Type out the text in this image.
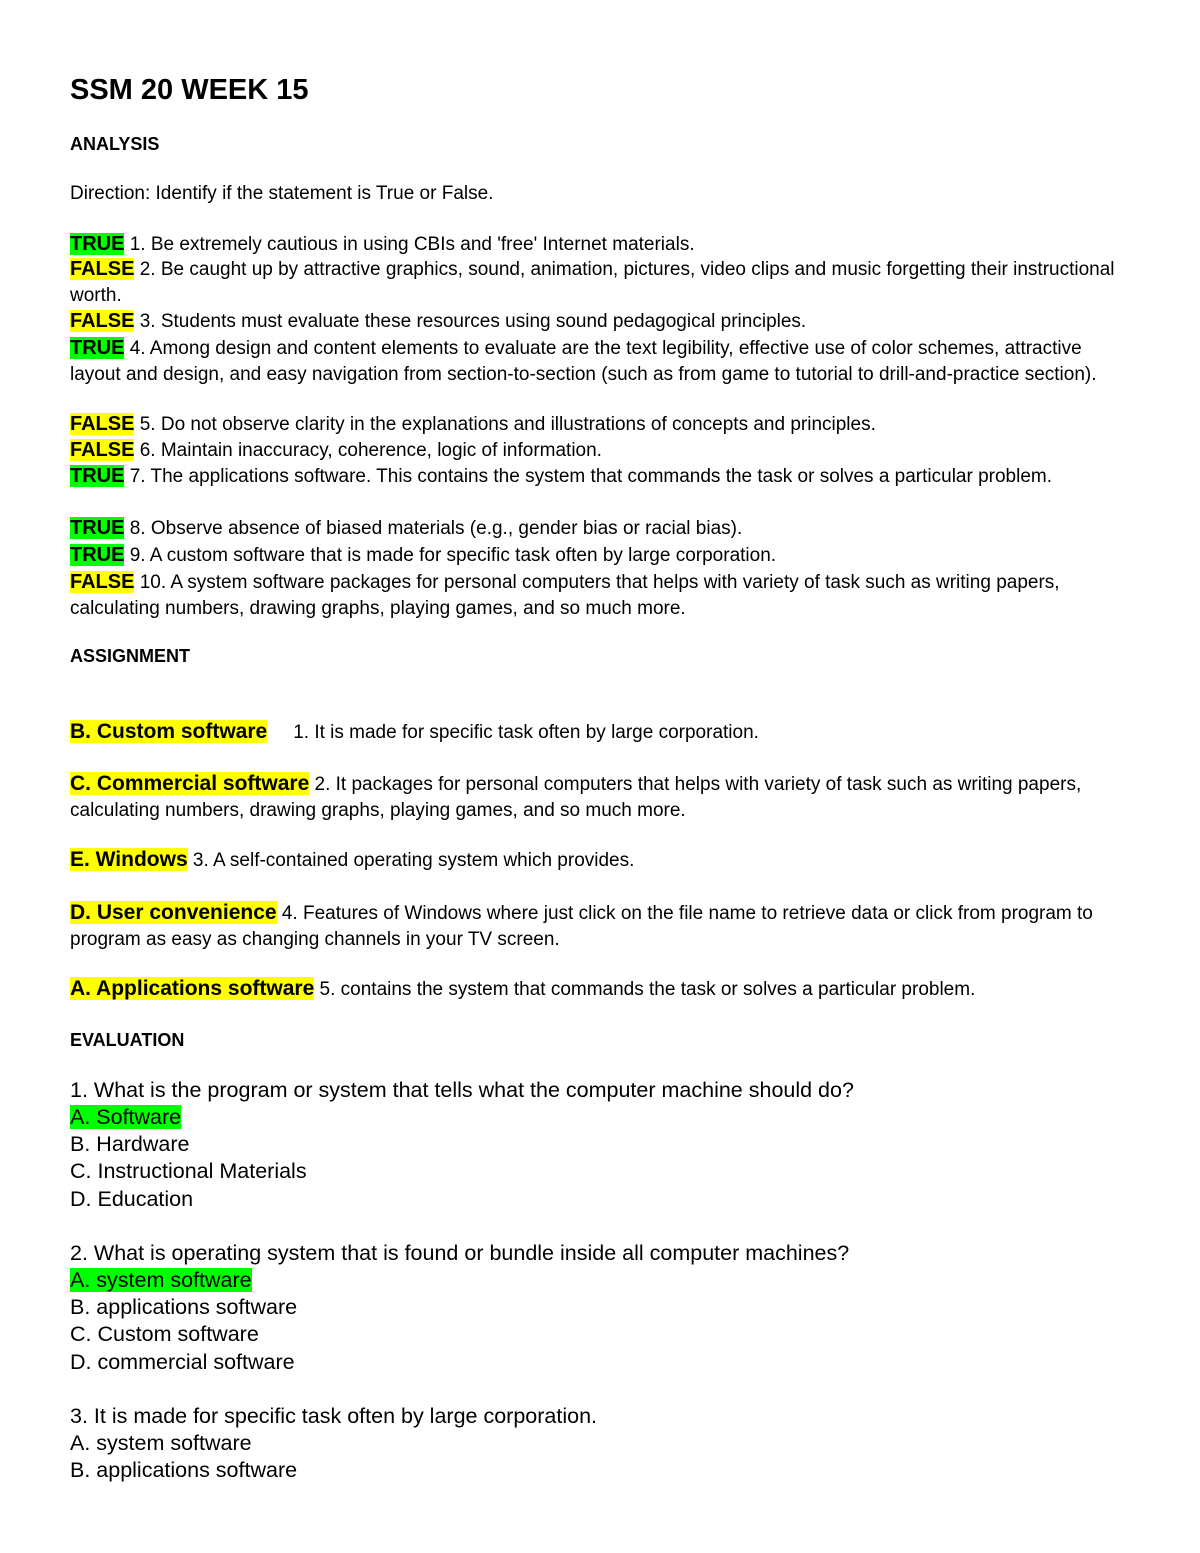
SSM 20 WEEK 15
ANALYSIS
Direction: Identify if the statement is True or False.
TRUE 1. Be extremely cautious in using CBIs and 'free' Internet materials.
FALSE 2. Be caught up by attractive graphics, sound, animation, pictures, video clips and music forgetting their instructional worth.
FALSE 3. Students must evaluate these resources using sound pedagogical principles.
TRUE 4. Among design and content elements to evaluate are the text legibility, effective use of color schemes, attractive layout and design, and easy navigation from section-to-section (such as from game to tutorial to drill-and-practice section).
FALSE 5. Do not observe clarity in the explanations and illustrations of concepts and principles.
FALSE 6. Maintain inaccuracy, coherence, logic of information.
TRUE 7. The applications software. This contains the system that commands the task or solves a particular problem.
TRUE 8. Observe absence of biased materials (e.g., gender bias or racial bias).
TRUE 9. A custom software that is made for specific task often by large corporation.
FALSE 10. A system software packages for personal computers that helps with variety of task such as writing papers, calculating numbers, drawing graphs, playing games, and so much more.
ASSIGNMENT
B. Custom software 1. It is made for specific task often by large corporation.
C. Commercial software 2. It packages for personal computers that helps with variety of task such as writing papers, calculating numbers, drawing graphs, playing games, and so much more.
E. Windows 3. A self-contained operating system which provides.
D. User convenience 4. Features of Windows where just click on the file name to retrieve data or click from program to program as easy as changing channels in your TV screen.
A. Applications software 5. contains the system that commands the task or solves a particular problem.
EVALUATION
1. What is the program or system that tells what the computer machine should do?
A. Software
B. Hardware
C. Instructional Materials
D. Education
2. What is operating system that is found or bundle inside all computer machines?
A. system software
B. applications software
C. Custom software
D. commercial software
3. It is made for specific task often by large corporation.
A. system software
B. applications software
